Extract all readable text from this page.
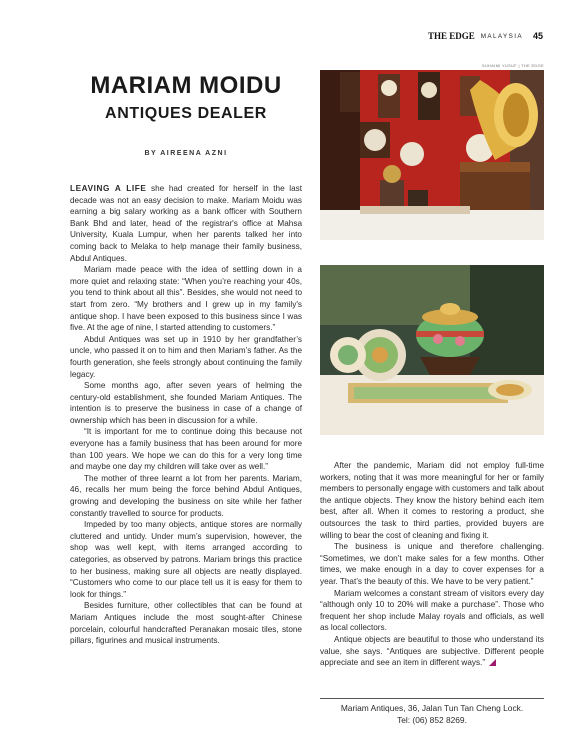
THE EDGE MALAYSIA 45
MARIAM MOIDU
ANTIQUES DEALER
BY AIREENA AZNI

LEAVING A LIFE she had created for herself in the last decade was not an easy decision to make. Mariam Moidu was earning a big salary working as a bank officer with Southern Bank Bhd and later, head of the registrar's office at Mahsa University, Kuala Lumpur, when her parents talked her into coming back to Melaka to help manage their family business, Abdul Antiques.

Mariam made peace with the idea of settling down in a more quiet and relaxing state: “When you’re reaching your 40s, you tend to think about all this”. Besides, she would not need to start from zero. “My brothers and I grew up in my family's antique shop. I have been exposed to this business since I was five. At the age of nine, I started attending to customers.”

Abdul Antiques was set up in 1910 by her grandfather’s uncle, who passed it on to him and then Mariam’s father. As the fourth generation, she feels strongly about continuing the family legacy.

Some months ago, after seven years of helming the century-old establishment, she founded Mariam Antiques. The intention is to preserve the business in case of a change of ownership which has been in discussion for a while.

“It is important for me to continue doing this because not everyone has a family business that has been around for more than 100 years. We hope we can do this for a very long time and maybe one day my children will take over as well.”

The mother of three learnt a lot from her parents. Mariam, 46, recalls her mum being the force behind Abdul Antiques, growing and developing the business on site while her father constantly travelled to source for products.

Impeded by too many objects, antique stores are normally cluttered and untidy. Under mum’s supervision, however, the shop was well kept, with items arranged according to categories, as observed by patrons. Mariam brings this practice to her business, making sure all objects are neatly displayed. “Customers who come to our place tell us it is easy for them to look for things.”

Besides furniture, other collectibles that can be found at Mariam Antiques include the most sought-after Chinese porcelain, colourful handcrafted Peranakan mosaic tiles, stone pillars, figurines and musical instruments.

SUHAIMI YUSUF | THE EDGE

After the pandemic, Mariam did not employ full-time workers, noting that it was more meaningful for her or family members to personally engage with customers and talk about the antique objects. They know the history behind each item best, after all. When it comes to restoring a product, she outsources the task to third parties, provided buyers are willing to bear the cost of cleaning and fixing it.

The business is unique and therefore challenging. “Sometimes, we don’t make sales for a few months. Other times, we make enough in a day to cover expenses for a year. That’s the beauty of this. We have to be very patient.”

Mariam welcomes a constant stream of visitors every day “although only 10 to 20% will make a purchase”. Those who frequent her shop include Malay royals and officials, as well as local collectors.

Antique objects are beautiful to those who understand its value, she says. “Antiques are subjective. Different people appreciate and see an item in different ways.”

Mariam Antiques, 36, Jalan Tun Tan Cheng Lock.
Tel: (06) 852 8269.
